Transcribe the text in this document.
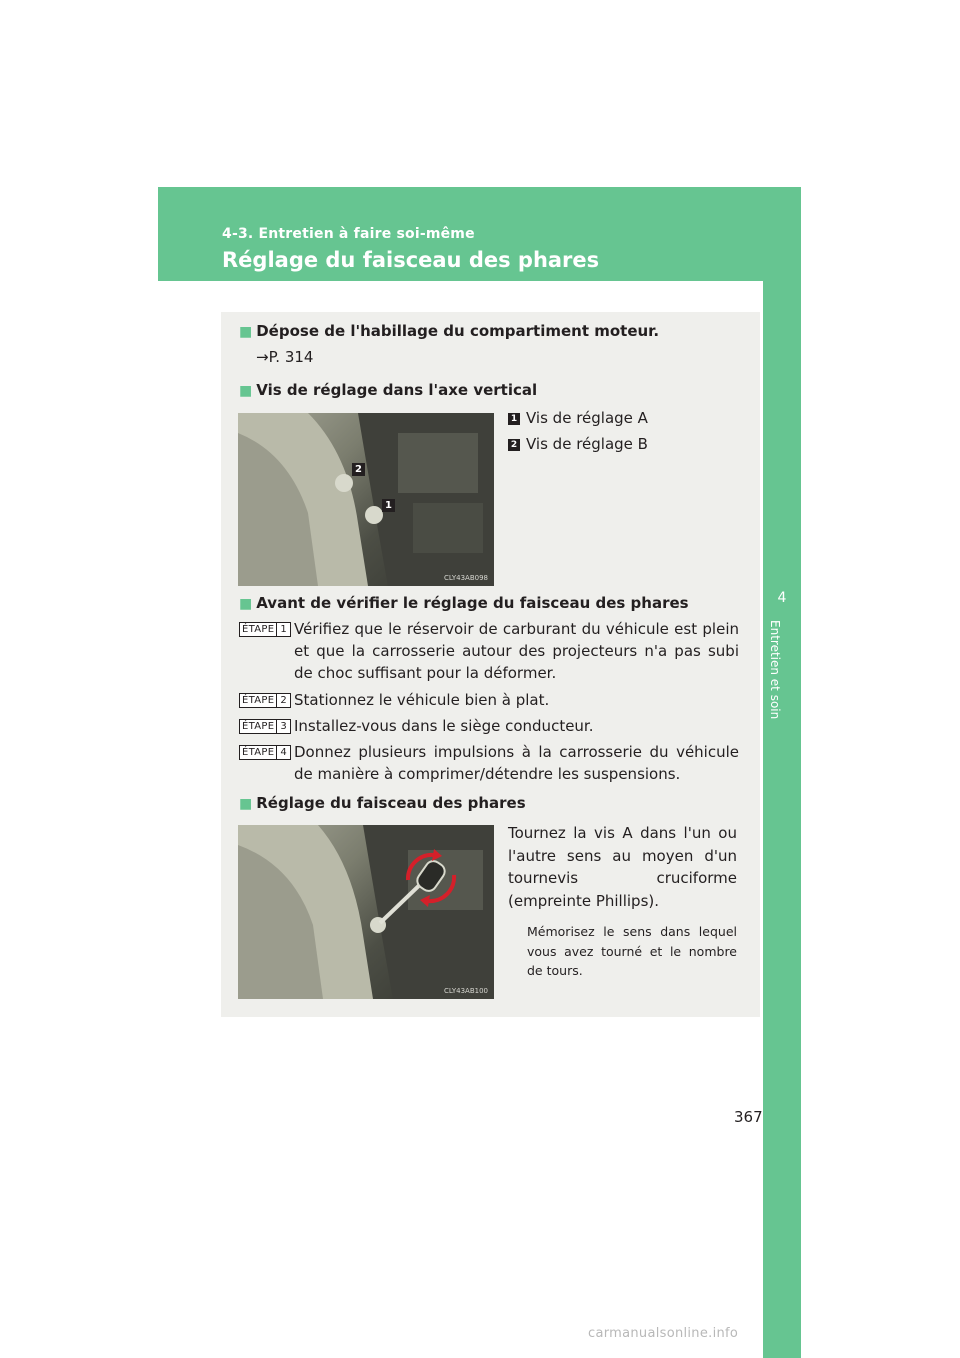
4-3. Entretien à faire soi-même
Réglage du faisceau des phares
4
Entretien et soin
■ Dépose de l'habillage du compartiment moteur.
→P. 314
■ Vis de réglage dans l'axe vertical
2
1
CLY43AB098
1 Vis de réglage A
2 Vis de réglage B
■ Avant de vérifier le réglage du faisceau des phares
ÉTAPE 1 Vérifiez que le réservoir de carburant du véhicule est plein et que la carrosserie autour des projecteurs n'a pas subi de choc suffisant pour la déformer.
ÉTAPE 2 Stationnez le véhicule bien à plat.
ÉTAPE 3 Installez-vous dans le siège conducteur.
ÉTAPE 4 Donnez plusieurs impulsions à la carrosserie du véhicule de manière à comprimer/détendre les suspensions.
■ Réglage du faisceau des phares
CLY43AB100
Tournez la vis A dans l'un ou l'autre sens au moyen d'un tournevis cruciforme (empreinte Phillips).
Mémorisez le sens dans lequel vous avez tourné et le nombre de tours.
367
carmanualsonline.info
